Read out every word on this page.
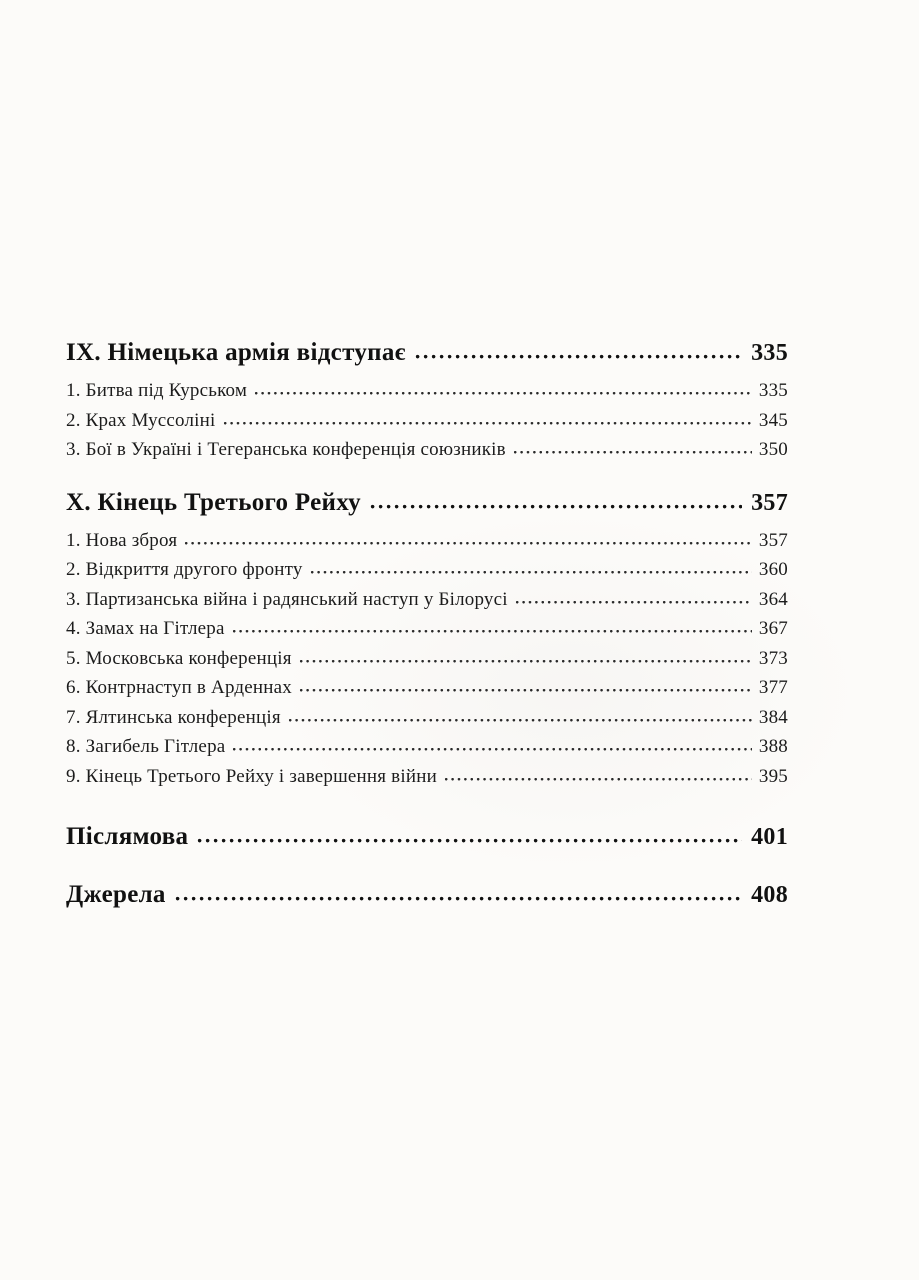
IX. Німецька армія відступає	335
1. Битва під Курськом	335
2. Крах Муссоліні	345
3. Бої в Україні і Тегеранська конференція союзників	350
X. Кінець Третього Рейху	357
1. Нова зброя	357
2. Відкриття другого фронту	360
3. Партизанська війна і радянський наступ у Білорусі	364
4. Замах на Гітлера	367
5. Московська конференція	373
6. Контрнаступ в Арденнах	377
7. Ялтинська конференція	384
8. Загибель Гітлера	388
9. Кінець Третього Рейху і завершення війни	395
Післямова	401
Джерела	408
